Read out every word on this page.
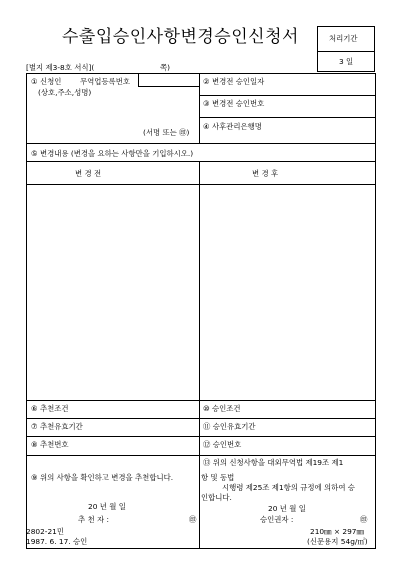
수출입승인사항변경승인신청서	처리기간
3 일
[별지 제3-8호 서식](	쪽)
① 신청인	무역업등록번호
(상호,주소,성명)
(서명 또는 ㊞)
② 변경전 승인일자
③ 변경전 승인번호
④ 사후관리은행명
⑤ 변경내용 (변경을 요하는 사항만을 기입하시오.)
변 경 전	변 경 후
⑥ 추천조건	⑩ 승인조건
⑦ 추천유효기간	⑪ 승인유효기간
⑧ 추천번호	⑫ 승인번호
⑨ 위의 사항을 확인하고 변경을 추천합니다.
20 년 월 일
추 천 자 :	㊞
⑬ 위의 신청사항을 대외무역법 제19조 제1
항 및 동법
시행령 제25조 제1항의 규정에 의하여 승
인합니다.
20 년 월 일
승인권자 :	㊞
2802-21민
1987. 6. 17. 승인
210㎜ × 297㎜
(신문용지 54g/㎡)
